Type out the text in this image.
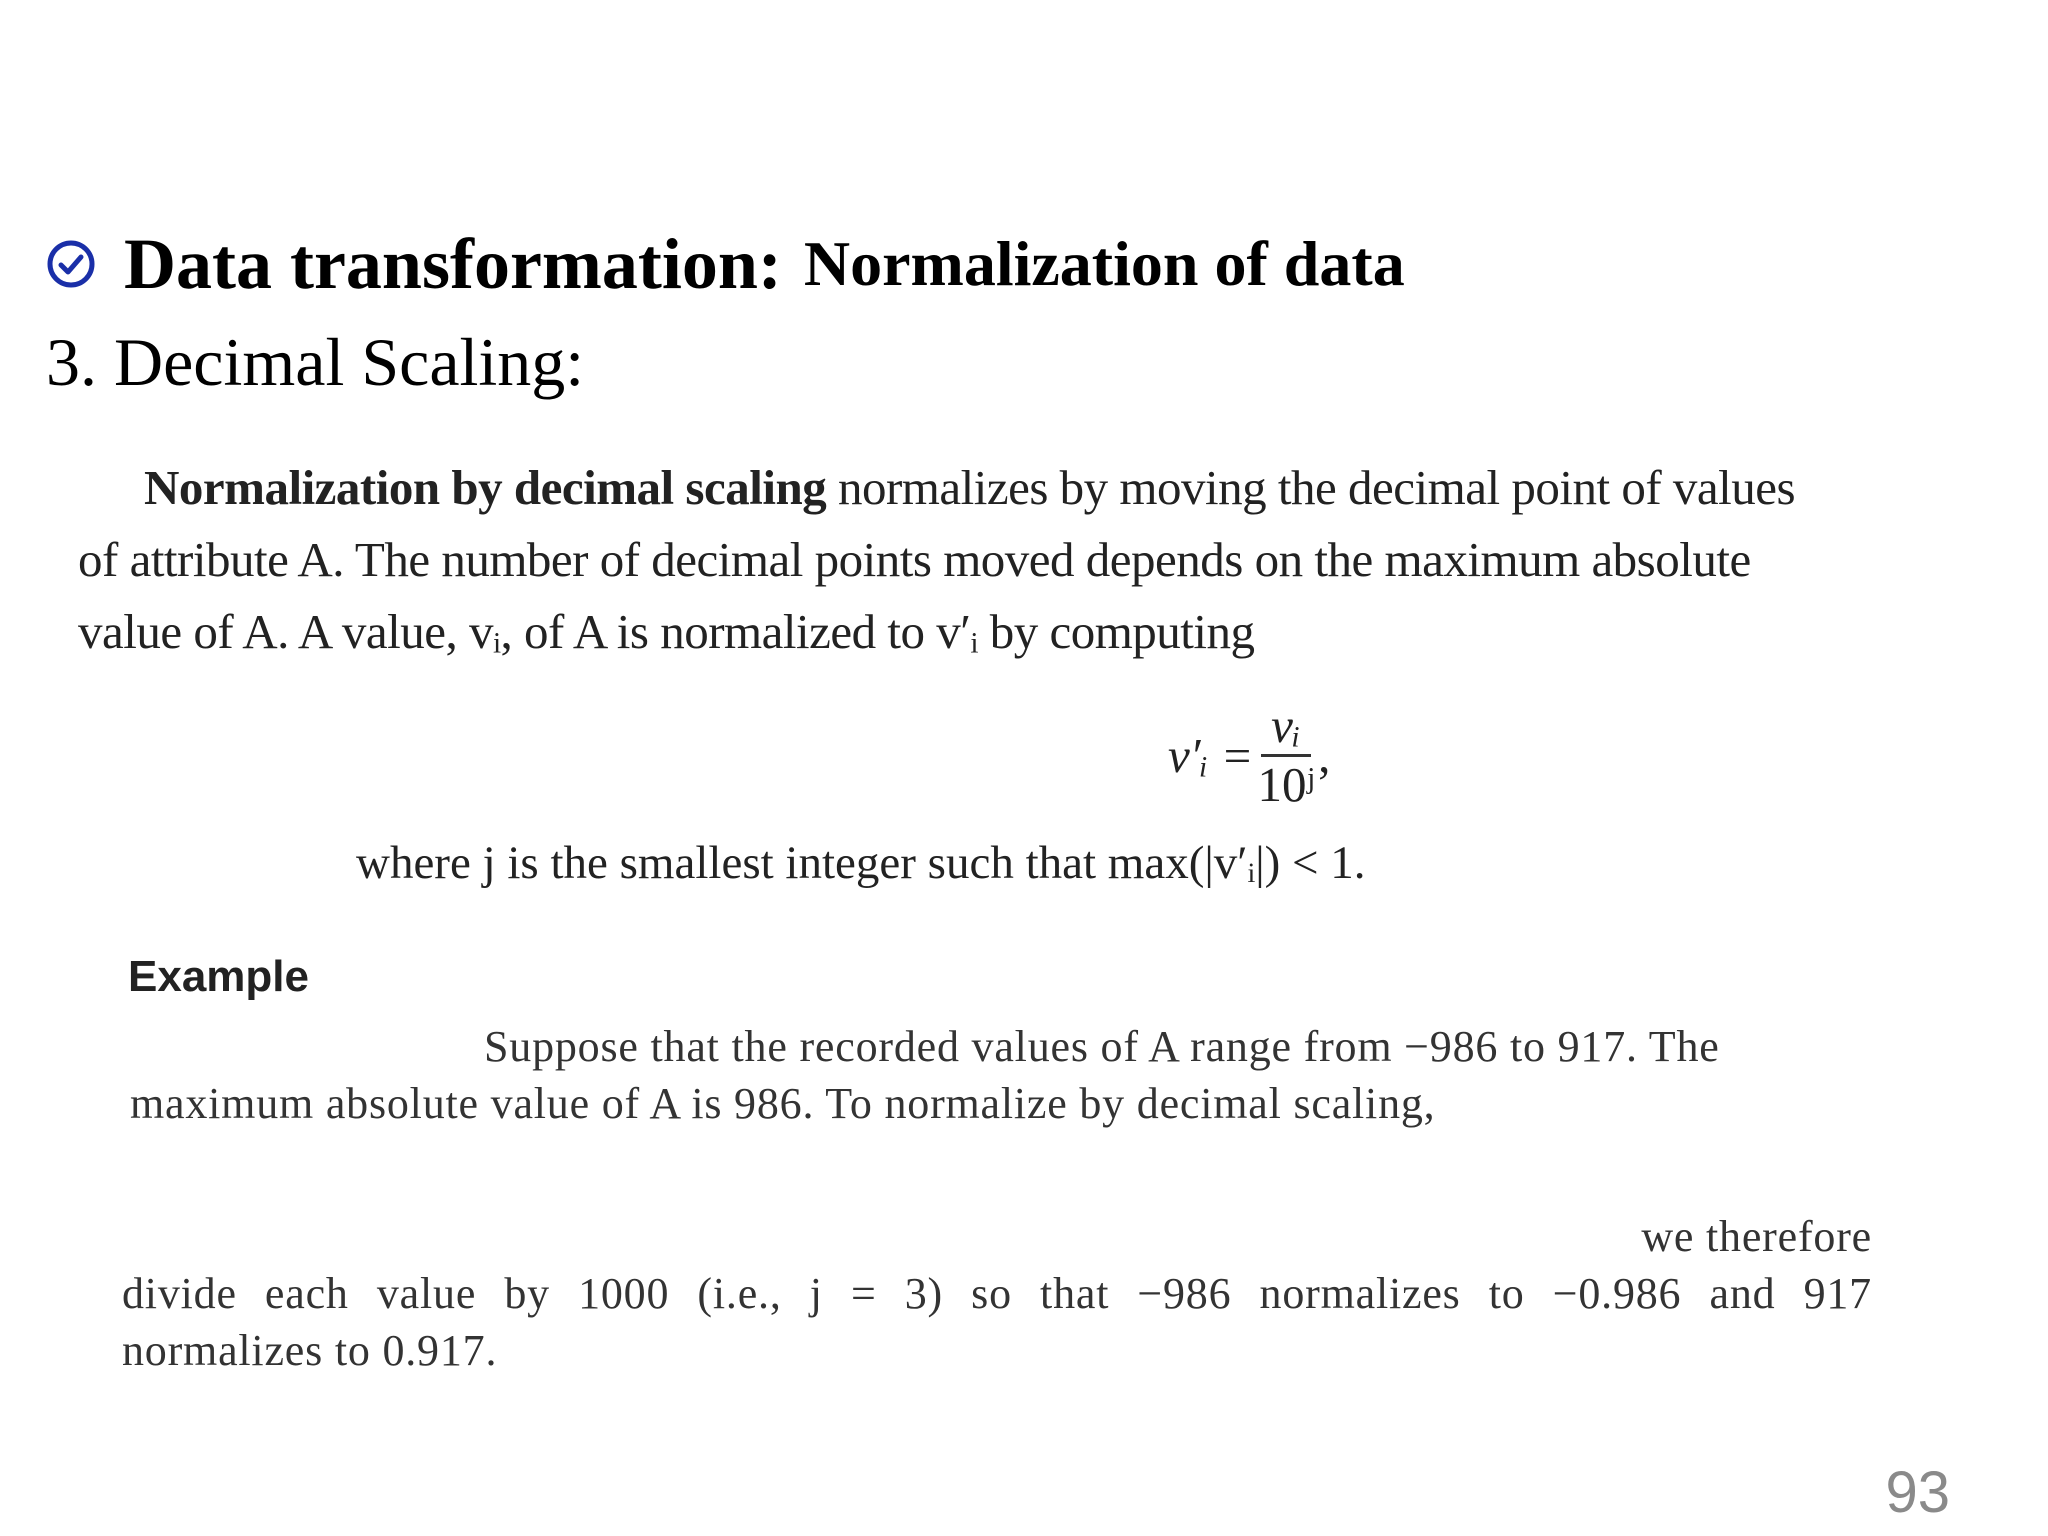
Data transformation: Normalization of data
3. Decimal Scaling:
Normalization by decimal scaling normalizes by moving the decimal point of values
of attribute A. The number of decimal points moved depends on the maximum absolute
value of A. A value, vᵢ, of A is normalized to v′ᵢ by computing
v′ᵢ = $\frac{\text{vᵢ}}{\text{10ʲ}}$ ,
where j is the smallest integer such that max(|v′ᵢ|) < 1.
Example
Suppose that the recorded values of A range from −986 to 917. The
maximum absolute value of A is 986. To normalize by decimal scaling,
we therefore
divide each value by 1000 (i.e., j = 3) so that −986 normalizes to −0.986 and 917
normalizes to 0.917.
93
